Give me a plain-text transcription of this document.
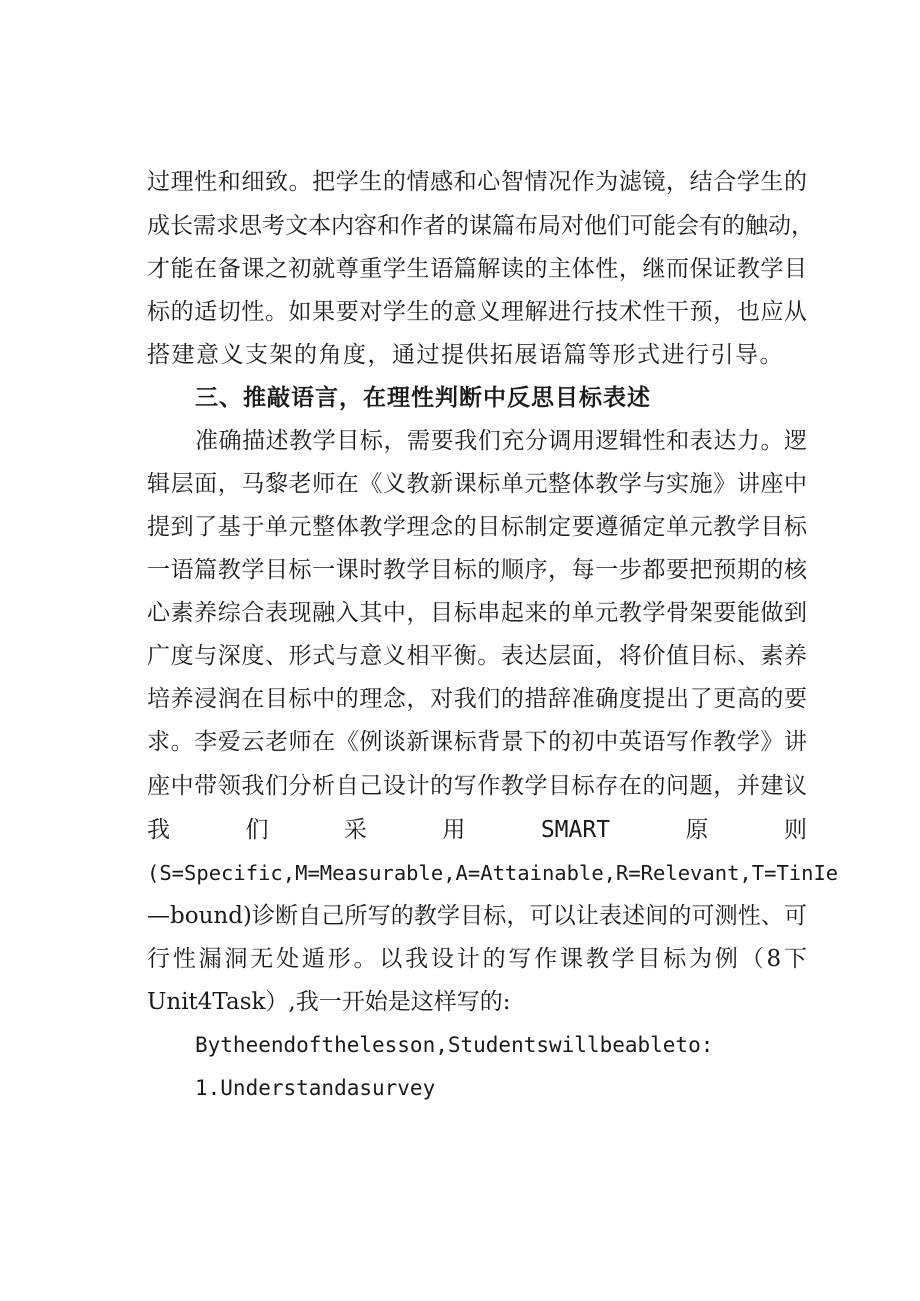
过理性和细致。把学生的情感和心智情况作为滤镜，结合学生的
成长需求思考文本内容和作者的谋篇布局对他们可能会有的触动，
才能在备课之初就尊重学生语篇解读的主体性，继而保证教学目
标的适切性。如果要对学生的意义理解进行技术性干预，也应从
搭建意义支架的角度，通过提供拓展语篇等形式进行引导。
三、推敲语言，在理性判断中反思目标表述
准确描述教学目标，需要我们充分调用逻辑性和表达力。逻
辑层面，马黎老师在《义教新课标单元整体教学与实施》讲座中
提到了基于单元整体教学理念的目标制定要遵循定单元教学目标
一语篇教学目标一课时教学目标的顺序，每一步都要把预期的核
心素养综合表现融入其中，目标串起来的单元教学骨架要能做到
广度与深度、形式与意义相平衡。表达层面，将价值目标、素养
培养浸润在目标中的理念，对我们的措辞准确度提出了更高的要
求。李爱云老师在《例谈新课标背景下的初中英语写作教学》讲
座中带领我们分析自己设计的写作教学目标存在的问题，并建议
我	们	采	用	SMART	原	则
(S=Specific,M=Measurable,A=Attainable,R=Relevant,T=TinIe
—bound)诊断自己所写的教学目标，可以让表述间的可测性、可
行性漏洞无处遁形。以我设计的写作课教学目标为例（8下
Unit4Task）,我一开始是这样写的:
Bytheendofthelesson,Studentswillbeableto:
1.Understandasurvey
